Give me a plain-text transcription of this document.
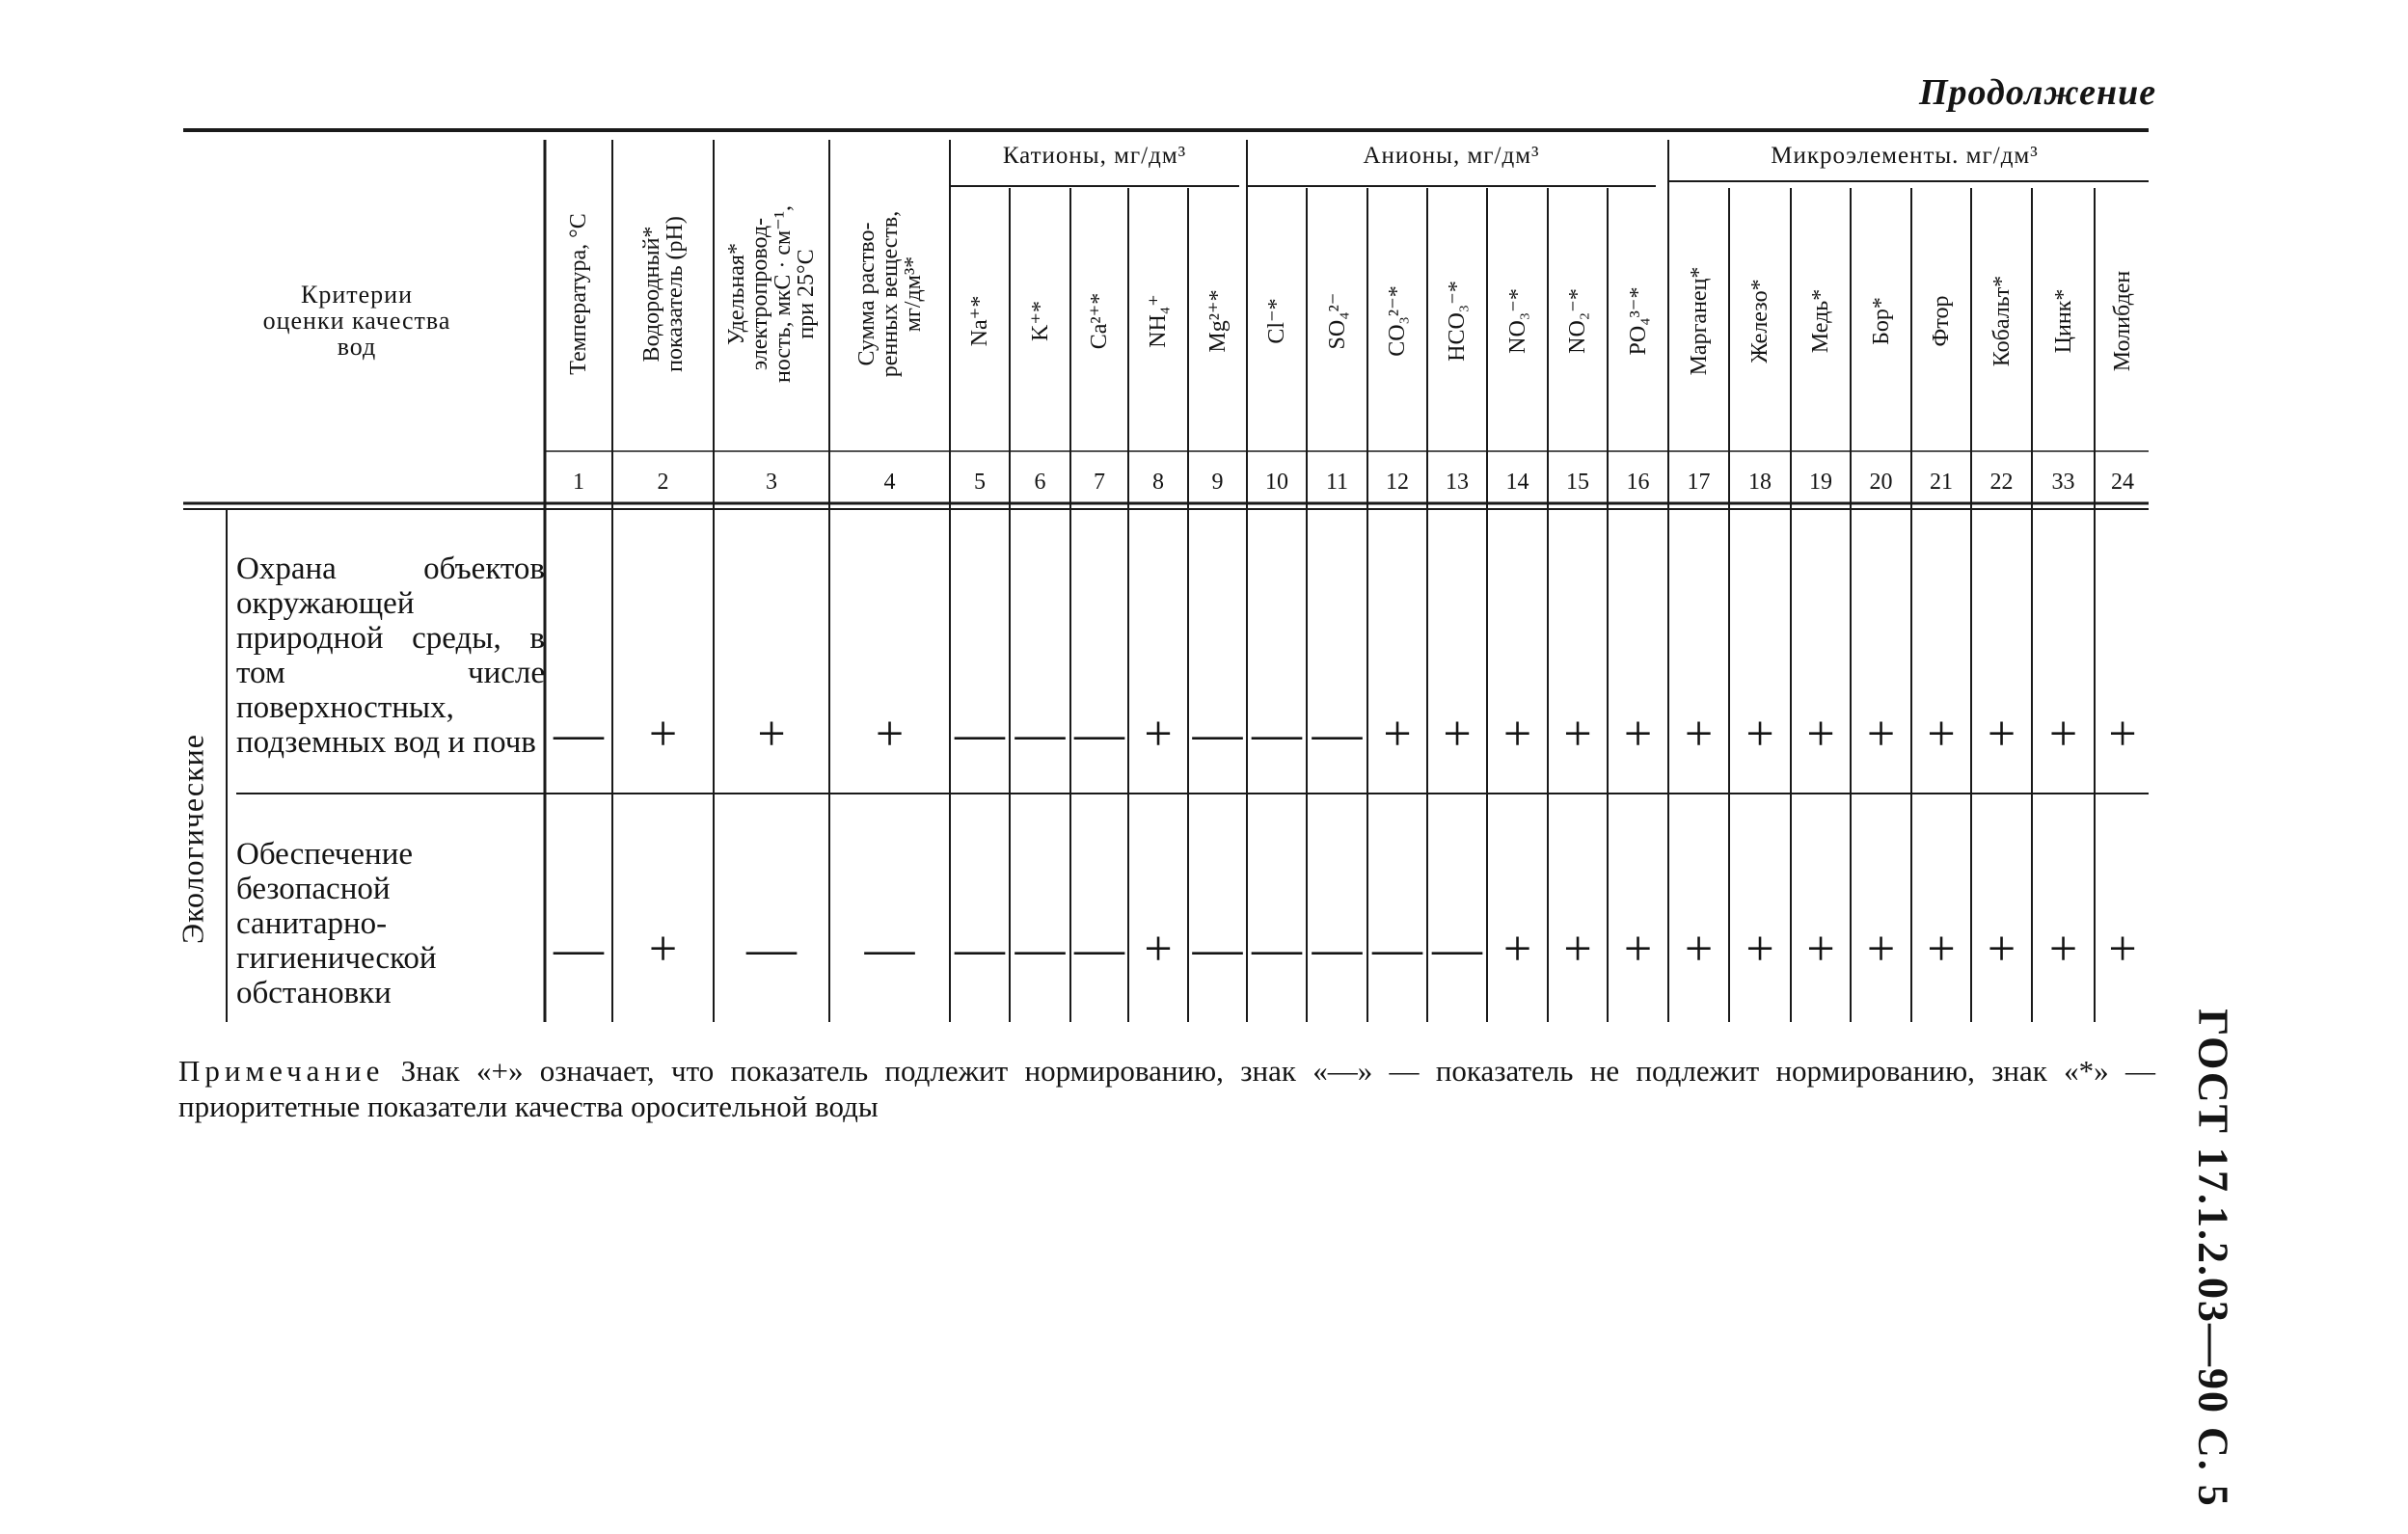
Продолжение
ГОСТ 17.1.2.03—90 С. 5
Критерии
оценки качества
вод
Катионы, мг/дм³	Анионы, мг/дм³	Микроэлементы. мг/дм³
Экологические
Охрана объектов окружающей природной среды, в том числе поверхностных, подземных вод и почв
Обеспечение безопасной санитарно-гигиенической обстановки
Температура, °С
1
—
—
Водородный*
показатель (pH)
2
+
+
Удельная*
электропровод-
ность, мкС · см⁻¹,
при 25°С
3
+
—
Сумма раство-
ренных веществ,
мг/дм³*
4
+
—
Na⁺*
5
—
—
K⁺*
6
—
—
Ca²⁺*
7
—
—
NH₄⁺
8
+
+
Mg²⁺*
9
—
—
Cl⁻*
10
—
—
SO₄²⁻
11
—
—
CO₃²⁻*
12
+
—
HCO₃⁻*
13
+
—
NO₃⁻*
14
+
+
NO₂⁻*
15
+
+
PO₄³⁻*
16
+
+
Марганец*
17
+
+
Железо*
18
+
+
Медь*
19
+
+
Бор*
20
+
+
Фтор
21
+
+
Кобальт*
22
+
+
Цинк*
33
+
+
Молибден
24
+
+
Примечание Знак «+» означает, что показатель подлежит нормированию, знак «—» — показатель не подлежит нормированию, знак «*» — приоритетные показатели качества оросительной воды
